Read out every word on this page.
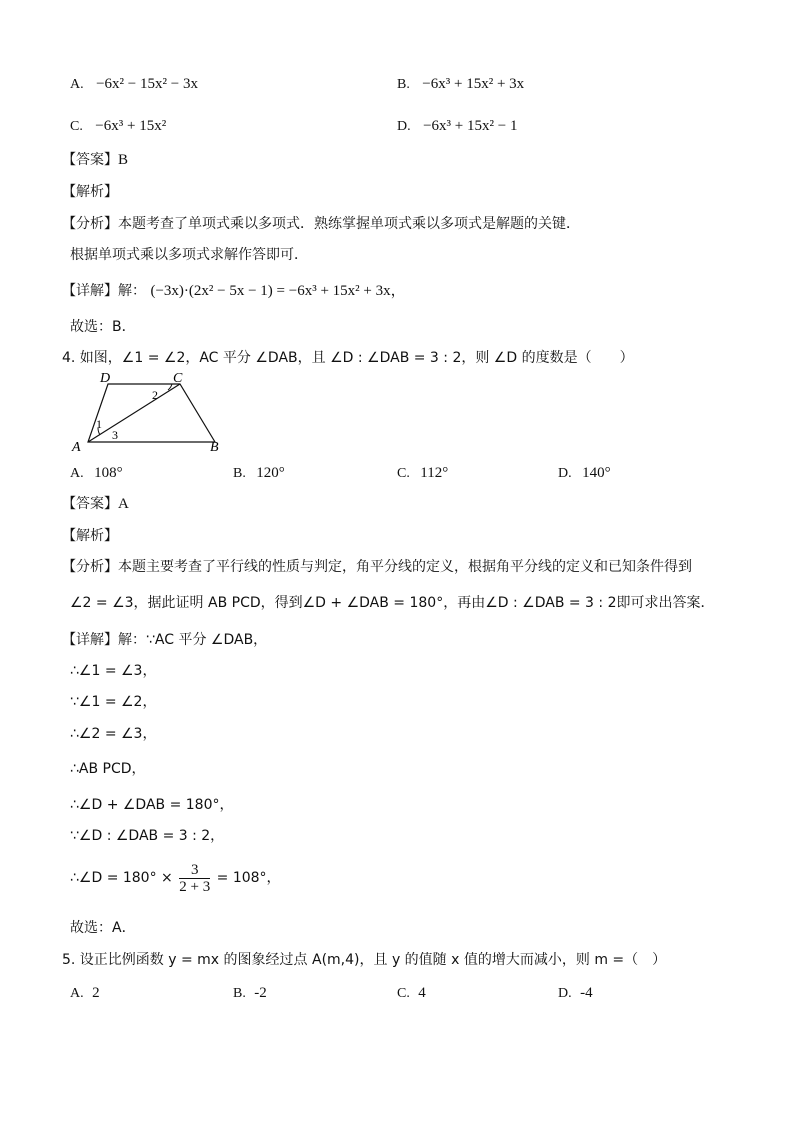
A. −6x² − 15x² − 3x	B. −6x³ + 15x² + 3x
C. −6x³ + 15x²	D. −6x³ + 15x² − 1
【答案】B
【解析】
【分析】本题考查了单项式乘以多项式．熟练掌握单项式乘以多项式是解题的关键．
根据单项式乘以多项式求解作答即可．
【详解】解： (−3x)·(2x² − 5x − 1) = −6x³ + 15x² + 3x，
故选：B．
4. 如图，∠1 = ∠2，AC 平分 ∠DAB，且 ∠D : ∠DAB = 3 : 2，则 ∠D 的度数是（　　）
D	C
A	B
1
2
3
A. 108°	B. 120°	C. 112°	D. 140°
【答案】A
【解析】
【分析】本题主要考查了平行线的性质与判定，角平分线的定义，根据角平分线的定义和已知条件得到
∠2 = ∠3，据此证明 AB PCD，得到∠D + ∠DAB = 180°，再由∠D : ∠DAB = 3 : 2即可求出答案．
【详解】解：∵AC 平分 ∠DAB，
∴∠1 = ∠3，
∵∠1 = ∠2，
∴∠2 = ∠3，
∴AB PCD，
∴∠D + ∠DAB = 180°，
∵∠D : ∠DAB = 3 : 2，
∴∠D = $180^\circ \times \frac{3}{2 + 3} = 108^\circ$，
故选：A．
5. 设正比例函数 y = mx 的图象经过点 A(m,4)，且 y 的值随 x 值的增大而减小，则 m =（　）
A. 2	B. -2	C. 4	D. -4
